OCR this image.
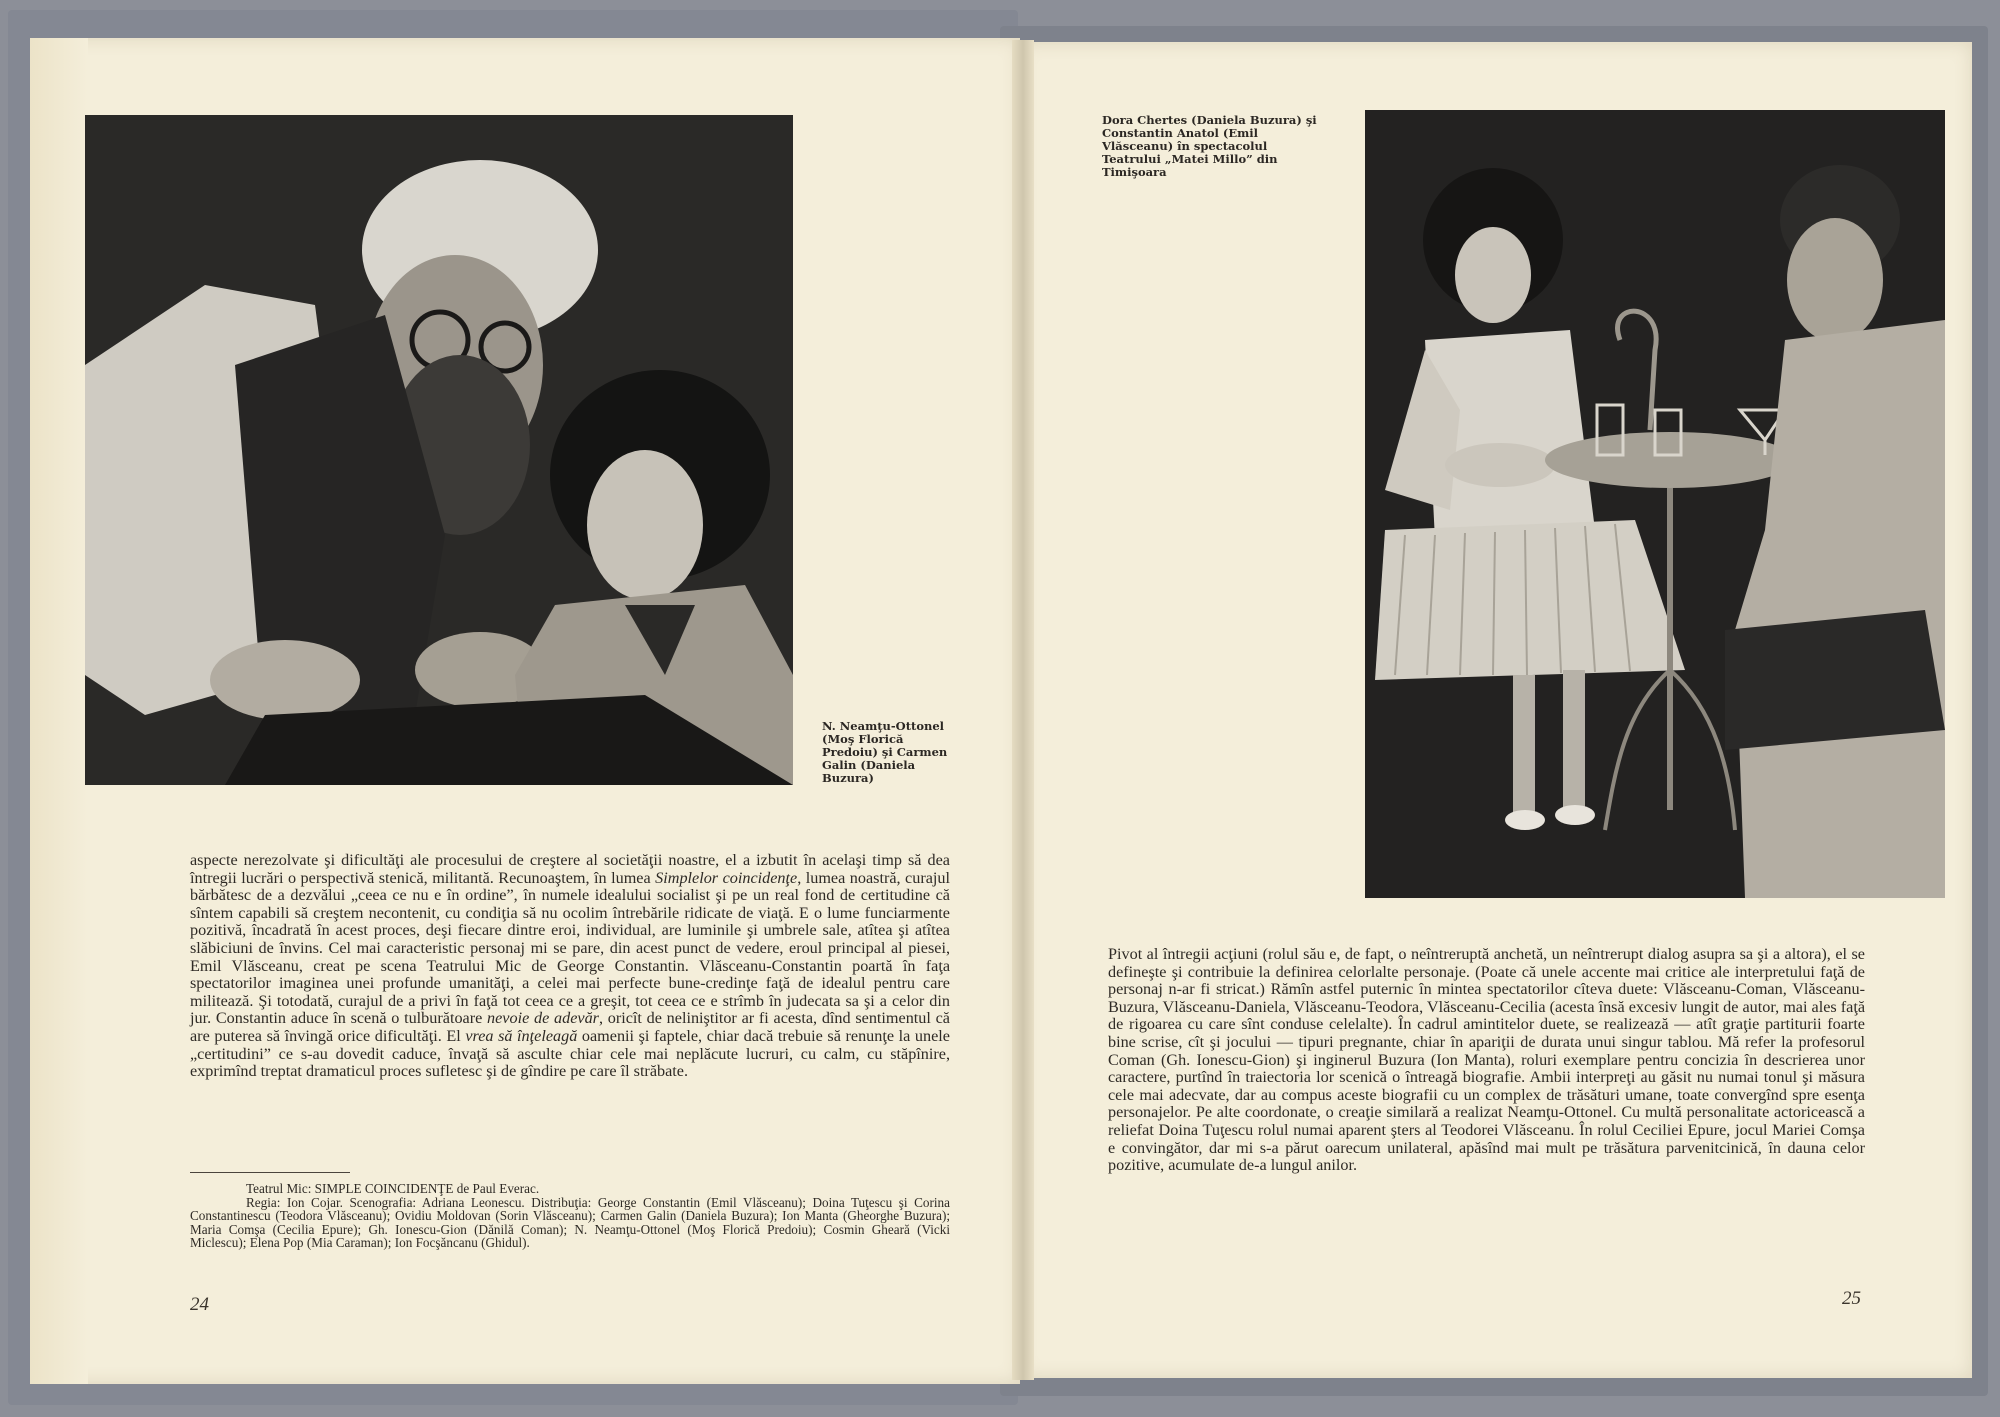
N. Neamţu-Ottonel (Moş Florică Predoiu) şi Carmen Galin (Daniela Buzura)

aspecte nerezolvate şi dificultăţi ale procesului de creştere al societăţii noastre, el a izbutit în acelaşi timp să dea întregii lucrări o perspectivă stenică, militantă. Recunoaştem, în lumea Simplelor coincidenţe, lumea noastră, curajul bărbătesc de a dezvălui „ceea ce nu e în ordine”, în numele idealului socialist şi pe un real fond de certitudine că sîntem capabili să creştem necontenit, cu condiţia să nu ocolim întrebările ridicate de viaţă. E o lume funciarmente pozitivă, încadrată în acest proces, deşi fiecare dintre eroi, individual, are luminile şi umbrele sale, atîtea şi atîtea slăbiciuni de învins. Cel mai caracteristic personaj mi se pare, din acest punct de vedere, eroul principal al piesei, Emil Vlăsceanu, creat pe scena Teatrului Mic de George Constantin. Vlăsceanu-Constantin poartă în faţa spectatorilor imaginea unei profunde umanităţi, a celei mai perfecte bune-credinţe faţă de idealul pentru care militează. Şi totodată, curajul de a privi în faţă tot ceea ce a greşit, tot ceea ce e strîmb în judecata sa şi a celor din jur. Constantin aduce în scenă o tulburătoare nevoie de adevăr, oricît de neliniştitor ar fi acesta, dînd sentimentul că are puterea să învingă orice dificultăţi. El vrea să înţeleagă oamenii şi faptele, chiar dacă trebuie să renunţe la unele „certitudini” ce s-au dovedit caduce, învaţă să asculte chiar cele mai neplăcute lucruri, cu calm, cu stăpînire, exprimînd treptat dramaticul proces sufletesc şi de gîndire pe care îl străbate.

Teatrul Mic: SIMPLE COINCIDENŢE de Paul Everac.

Regia: Ion Cojar. Scenografia: Adriana Leonescu. Distribuţia: George Constantin (Emil Vlăsceanu); Doina Tuţescu şi Corina Constantinescu (Teodora Vlăsceanu); Ovidiu Moldovan (Sorin Vlăsceanu); Carmen Galin (Daniela Buzura); Ion Manta (Gheorghe Buzura); Maria Comşa (Cecilia Epure); Gh. Ionescu-Gion (Dănilă Coman); N. Neamţu-Ottonel (Moş Florică Predoiu); Cosmin Gheară (Vicki Miclescu); Elena Pop (Mia Caraman); Ion Focşăncanu (Ghidul).

24
Dora Chertes (Daniela Buzura) şi Constantin Anatol (Emil Vlăsceanu) în spectacolul Teatrului „Matei Millo” din Timişoara

Pivot al întregii acţiuni (rolul său e, de fapt, o neîntreruptă anchetă, un neîntrerupt dialog asupra sa şi a altora), el se defineşte şi contribuie la definirea celorlalte personaje. (Poate că unele accente mai critice ale interpretului faţă de personaj n-ar fi stricat.) Rămîn astfel puternic în mintea spectatorilor cîteva duete: Vlăsceanu-Coman, Vlăsceanu-Buzura, Vlăsceanu-Daniela, Vlăsceanu-Teodora, Vlăsceanu-Cecilia (acesta însă excesiv lungit de autor, mai ales faţă de rigoarea cu care sînt conduse celelalte). În cadrul amintitelor duete, se realizează — atît graţie partiturii foarte bine scrise, cît şi jocului — tipuri pregnante, chiar în apariţii de durata unui singur tablou. Mă refer la profesorul Coman (Gh. Ionescu-Gion) şi inginerul Buzura (Ion Manta), roluri exemplare pentru concizia în descrierea unor caractere, purtînd în traiectoria lor scenică o întreagă biografie. Ambii interpreţi au găsit nu numai tonul şi măsura cele mai adecvate, dar au compus aceste biografii cu un complex de trăsături umane, toate convergînd spre esenţa personajelor. Pe alte coordonate, o creaţie similară a realizat Neamţu-Ottonel. Cu multă personalitate actoricească a reliefat Doina Tuţescu rolul numai aparent şters al Teodorei Vlăsceanu. În rolul Ceciliei Epure, jocul Mariei Comşa e convingător, dar mi s-a părut oarecum unilateral, apăsînd mai mult pe trăsătura parvenitcinică, în dauna celor pozitive, acumulate de-a lungul anilor.

25
